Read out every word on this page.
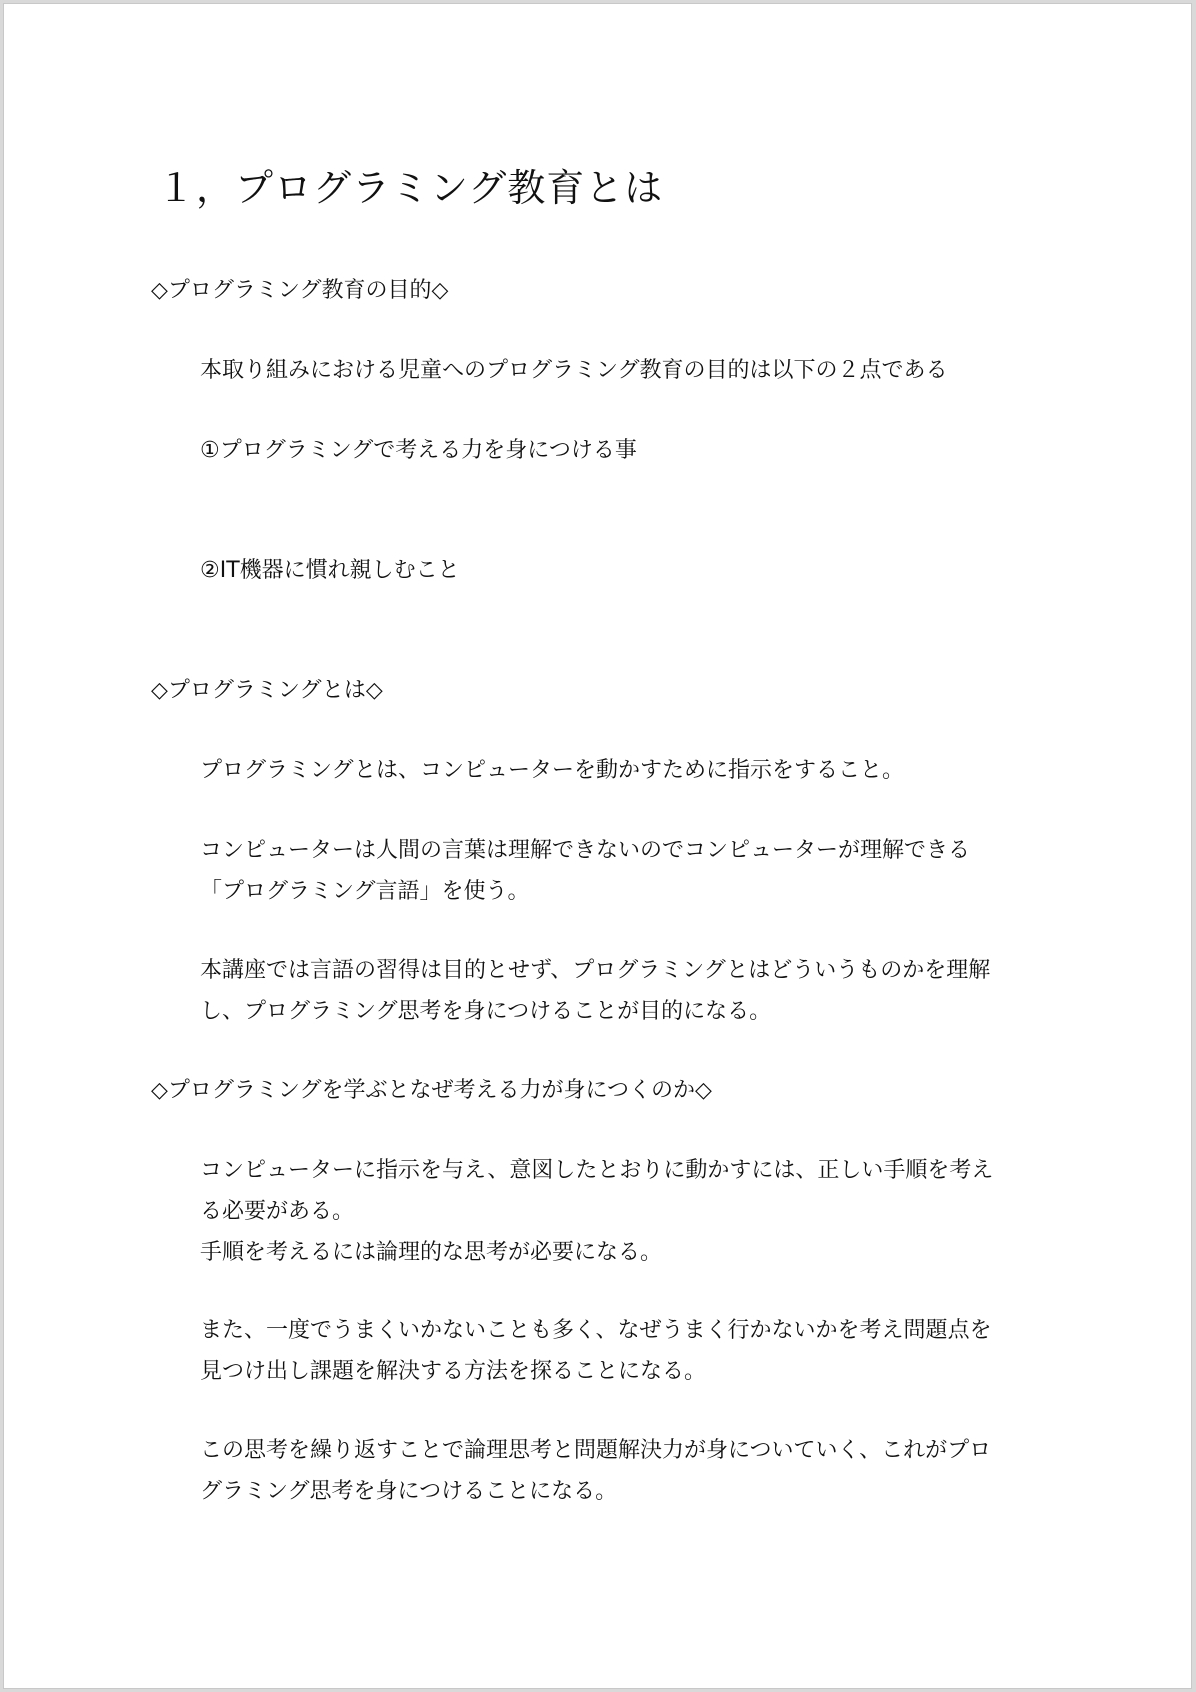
１，プログラミング教育とは
◇プログラミング教育の目的◇

本取り組みにおける児童へのプログラミング教育の目的は以下の２点である

①プログラミングで考える力を身につける事

②IT機器に慣れ親しむこと

◇プログラミングとは◇

プログラミングとは、コンピューターを動かすために指示をすること。

コンピューターは人間の言葉は理解できないのでコンピューターが理解できる
「プログラミング言語」を使う。

本講座では言語の習得は目的とせず、プログラミングとはどういうものかを理解
し、プログラミング思考を身につけることが目的になる。

◇プログラミングを学ぶとなぜ考える力が身につくのか◇

コンピューターに指示を与え、意図したとおりに動かすには、正しい手順を考え
る必要がある。
手順を考えるには論理的な思考が必要になる。

また、一度でうまくいかないことも多く、なぜうまく行かないかを考え問題点を
見つけ出し課題を解決する方法を探ることになる。

この思考を繰り返すことで論理思考と問題解決力が身についていく、これがプロ
グラミング思考を身につけることになる。
